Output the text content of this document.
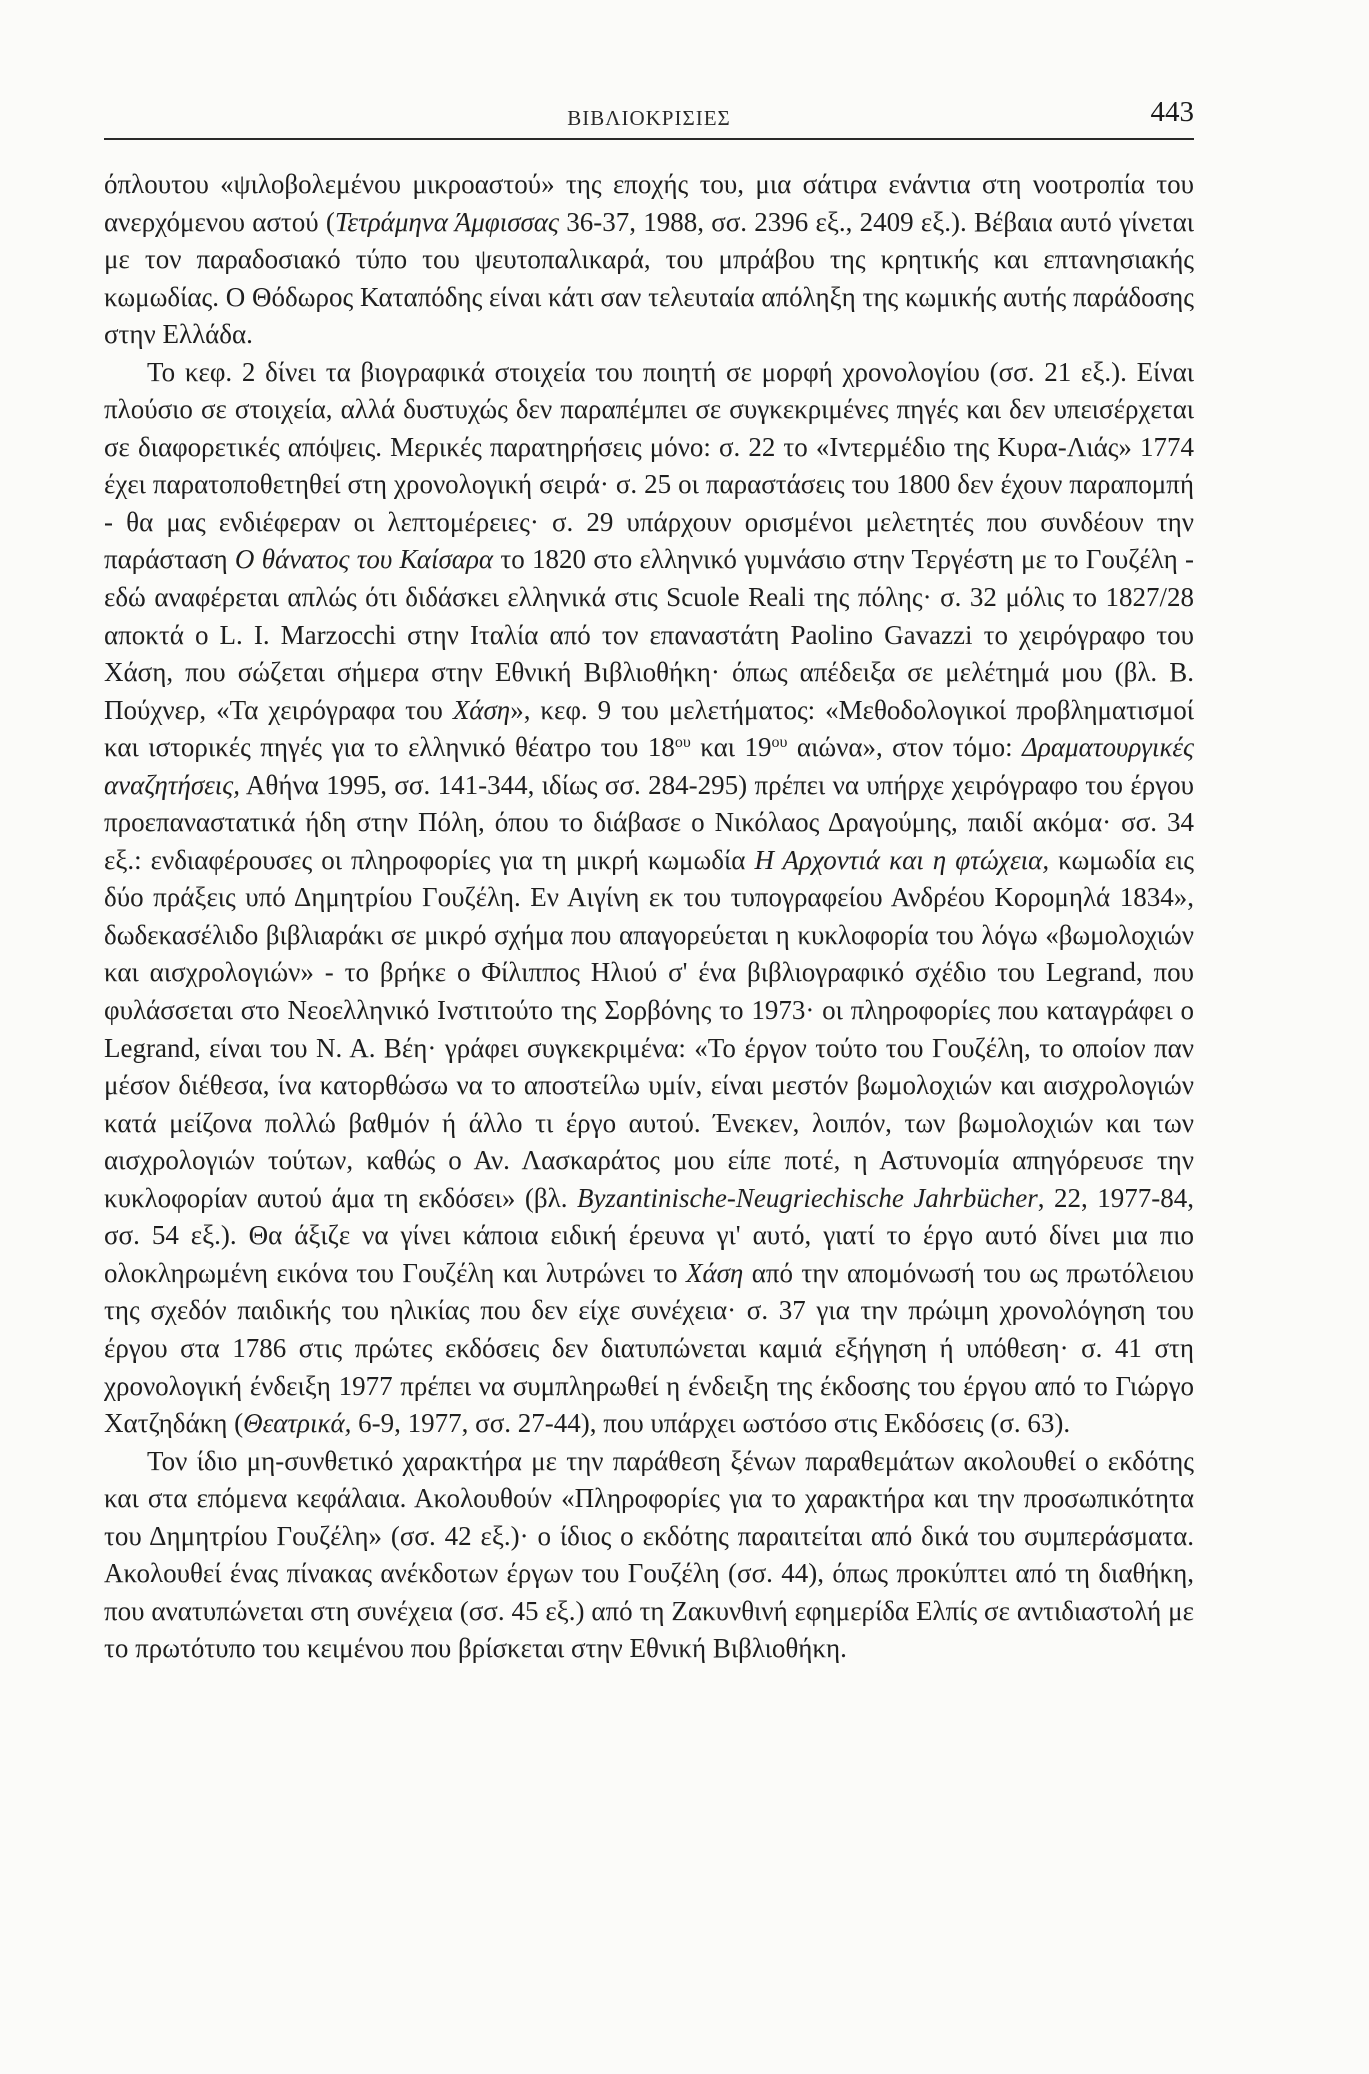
ΒΙΒΛΙΟΚΡΙΣΙΕΣ	443

όπλουτου «ψιλοβολεμένου μικροαστού» της εποχής του, μια σάτιρα ενάντια στη νοοτροπία του ανερχόμενου αστού (Τετράμηνα Άμφισσας 36-37, 1988, σσ. 2396 εξ., 2409 εξ.). Βέβαια αυτό γίνεται με τον παραδοσιακό τύπο του ψευτοπαλικαρά, του μπράβου της κρητικής και επτανησιακής κωμωδίας. Ο Θόδωρος Καταπόδης είναι κάτι σαν τελευταία απόληξη της κωμικής αυτής παράδοσης στην Ελλάδα.

Το κεφ. 2 δίνει τα βιογραφικά στοιχεία του ποιητή σε μορφή χρονολογίου (σσ. 21 εξ.). Είναι πλούσιο σε στοιχεία, αλλά δυστυχώς δεν παραπέμπει σε συγκεκριμένες πηγές και δεν υπεισέρχεται σε διαφορετικές απόψεις. Μερικές παρατηρήσεις μόνο: σ. 22 το «Ιντερμέδιο της Κυρα-Λιάς» 1774 έχει παρατοποθετηθεί στη χρονολογική σειρά· σ. 25 οι παραστάσεις του 1800 δεν έχουν παραπομπή - θα μας ενδιέφεραν οι λεπτομέρειες· σ. 29 υπάρχουν ορισμένοι μελετητές που συνδέουν την παράσταση Ο θάνατος του Καίσαρα το 1820 στο ελληνικό γυμνάσιο στην Τεργέστη με το Γουζέλη - εδώ αναφέρεται απλώς ότι διδάσκει ελληνικά στις Scuole Reali της πόλης· σ. 32 μόλις το 1827/28 αποκτά ο L. I. Marzocchi στην Ιταλία από τον επαναστάτη Paolino Gavazzi το χειρόγραφο του Χάση, που σώζεται σήμερα στην Εθνική Βιβλιοθήκη· όπως απέδειξα σε μελέτημά μου (βλ. Β. Πούχνερ, «Τα χειρόγραφα του Χάση», κεφ. 9 του μελετήματος: «Μεθοδολογικοί προβληματισμοί και ιστορικές πηγές για το ελληνικό θέατρο του $18^{o\upsilon}$ και $19^{o\upsilon}$ αιώνα», στον τόμο: Δραματουργικές αναζητήσεις, Αθήνα 1995, σσ. 141-344, ιδίως σσ. 284-295) πρέπει να υπήρχε χειρόγραφο του έργου προεπαναστατικά ήδη στην Πόλη, όπου το διάβασε ο Νικόλαος Δραγούμης, παιδί ακόμα· σσ. 34 εξ.: ενδιαφέρουσες οι πληροφορίες για τη μικρή κωμωδία Η Αρχοντιά και η φτώχεια, κωμωδία εις δύο πράξεις υπό Δημητρίου Γουζέλη. Εν Αιγίνη εκ του τυπογραφείου Ανδρέου Κορομηλά 1834», δωδεκασέλιδο βιβλιαράκι σε μικρό σχήμα που απαγορεύεται η κυκλοφορία του λόγω «βωμολοχιών και αισχρολογιών» - το βρήκε ο Φίλιππος Ηλιού σ' ένα βιβλιογραφικό σχέδιο του Legrand, που φυλάσσεται στο Νεοελληνικό Ινστιτούτο της Σορβόνης το 1973· οι πληροφορίες που καταγράφει ο Legrand, είναι του Ν. Α. Βέη· γράφει συγκεκριμένα: «Το έργον τούτο του Γουζέλη, το οποίον παν μέσον διέθεσα, ίνα κατορθώσω να το αποστείλω υμίν, είναι μεστόν βωμολοχιών και αισχρολογιών κατά μείζονα πολλώ βαθμόν ή άλλο τι έργο αυτού. Ένεκεν, λοιπόν, των βωμολοχιών και των αισχρολογιών τούτων, καθώς ο Αν. Λασκαράτος μου είπε ποτέ, η Αστυνομία απηγόρευσε την κυκλοφορίαν αυτού άμα τη εκδόσει» (βλ. Byzantinische-Neugriechische Jahrbücher, 22, 1977-84, σσ. 54 εξ.). Θα άξιζε να γίνει κάποια ειδική έρευνα γι' αυτό, γιατί το έργο αυτό δίνει μια πιο ολοκληρωμένη εικόνα του Γουζέλη και λυτρώνει το Χάση από την απομόνωσή του ως πρωτόλειου της σχεδόν παιδικής του ηλικίας που δεν είχε συνέχεια· σ. 37 για την πρώιμη χρονολόγηση του έργου στα 1786 στις πρώτες εκδόσεις δεν διατυπώνεται καμιά εξήγηση ή υπόθεση· σ. 41 στη χρονολογική ένδειξη 1977 πρέπει να συμπληρωθεί η ένδειξη της έκδοσης του έργου από το Γιώργο Χατζηδάκη (Θεατρικά, 6-9, 1977, σσ. 27-44), που υπάρχει ωστόσο στις Εκδόσεις (σ. 63).

Τον ίδιο μη-συνθετικό χαρακτήρα με την παράθεση ξένων παραθεμάτων ακολουθεί ο εκδότης και στα επόμενα κεφάλαια. Ακολουθούν «Πληροφορίες για το χαρακτήρα και την προσωπικότητα του Δημητρίου Γουζέλη» (σσ. 42 εξ.)· ο ίδιος ο εκδότης παραιτείται από δικά του συμπεράσματα. Ακολουθεί ένας πίνακας ανέκδοτων έργων του Γουζέλη (σσ. 44), όπως προκύπτει από τη διαθήκη, που ανατυπώνεται στη συνέχεια (σσ. 45 εξ.) από τη Ζακυνθινή εφημερίδα Ελπίς σε αντιδιαστολή με το πρωτότυπο του κειμένου που βρίσκεται στην Εθνική Βιβλιοθήκη.
